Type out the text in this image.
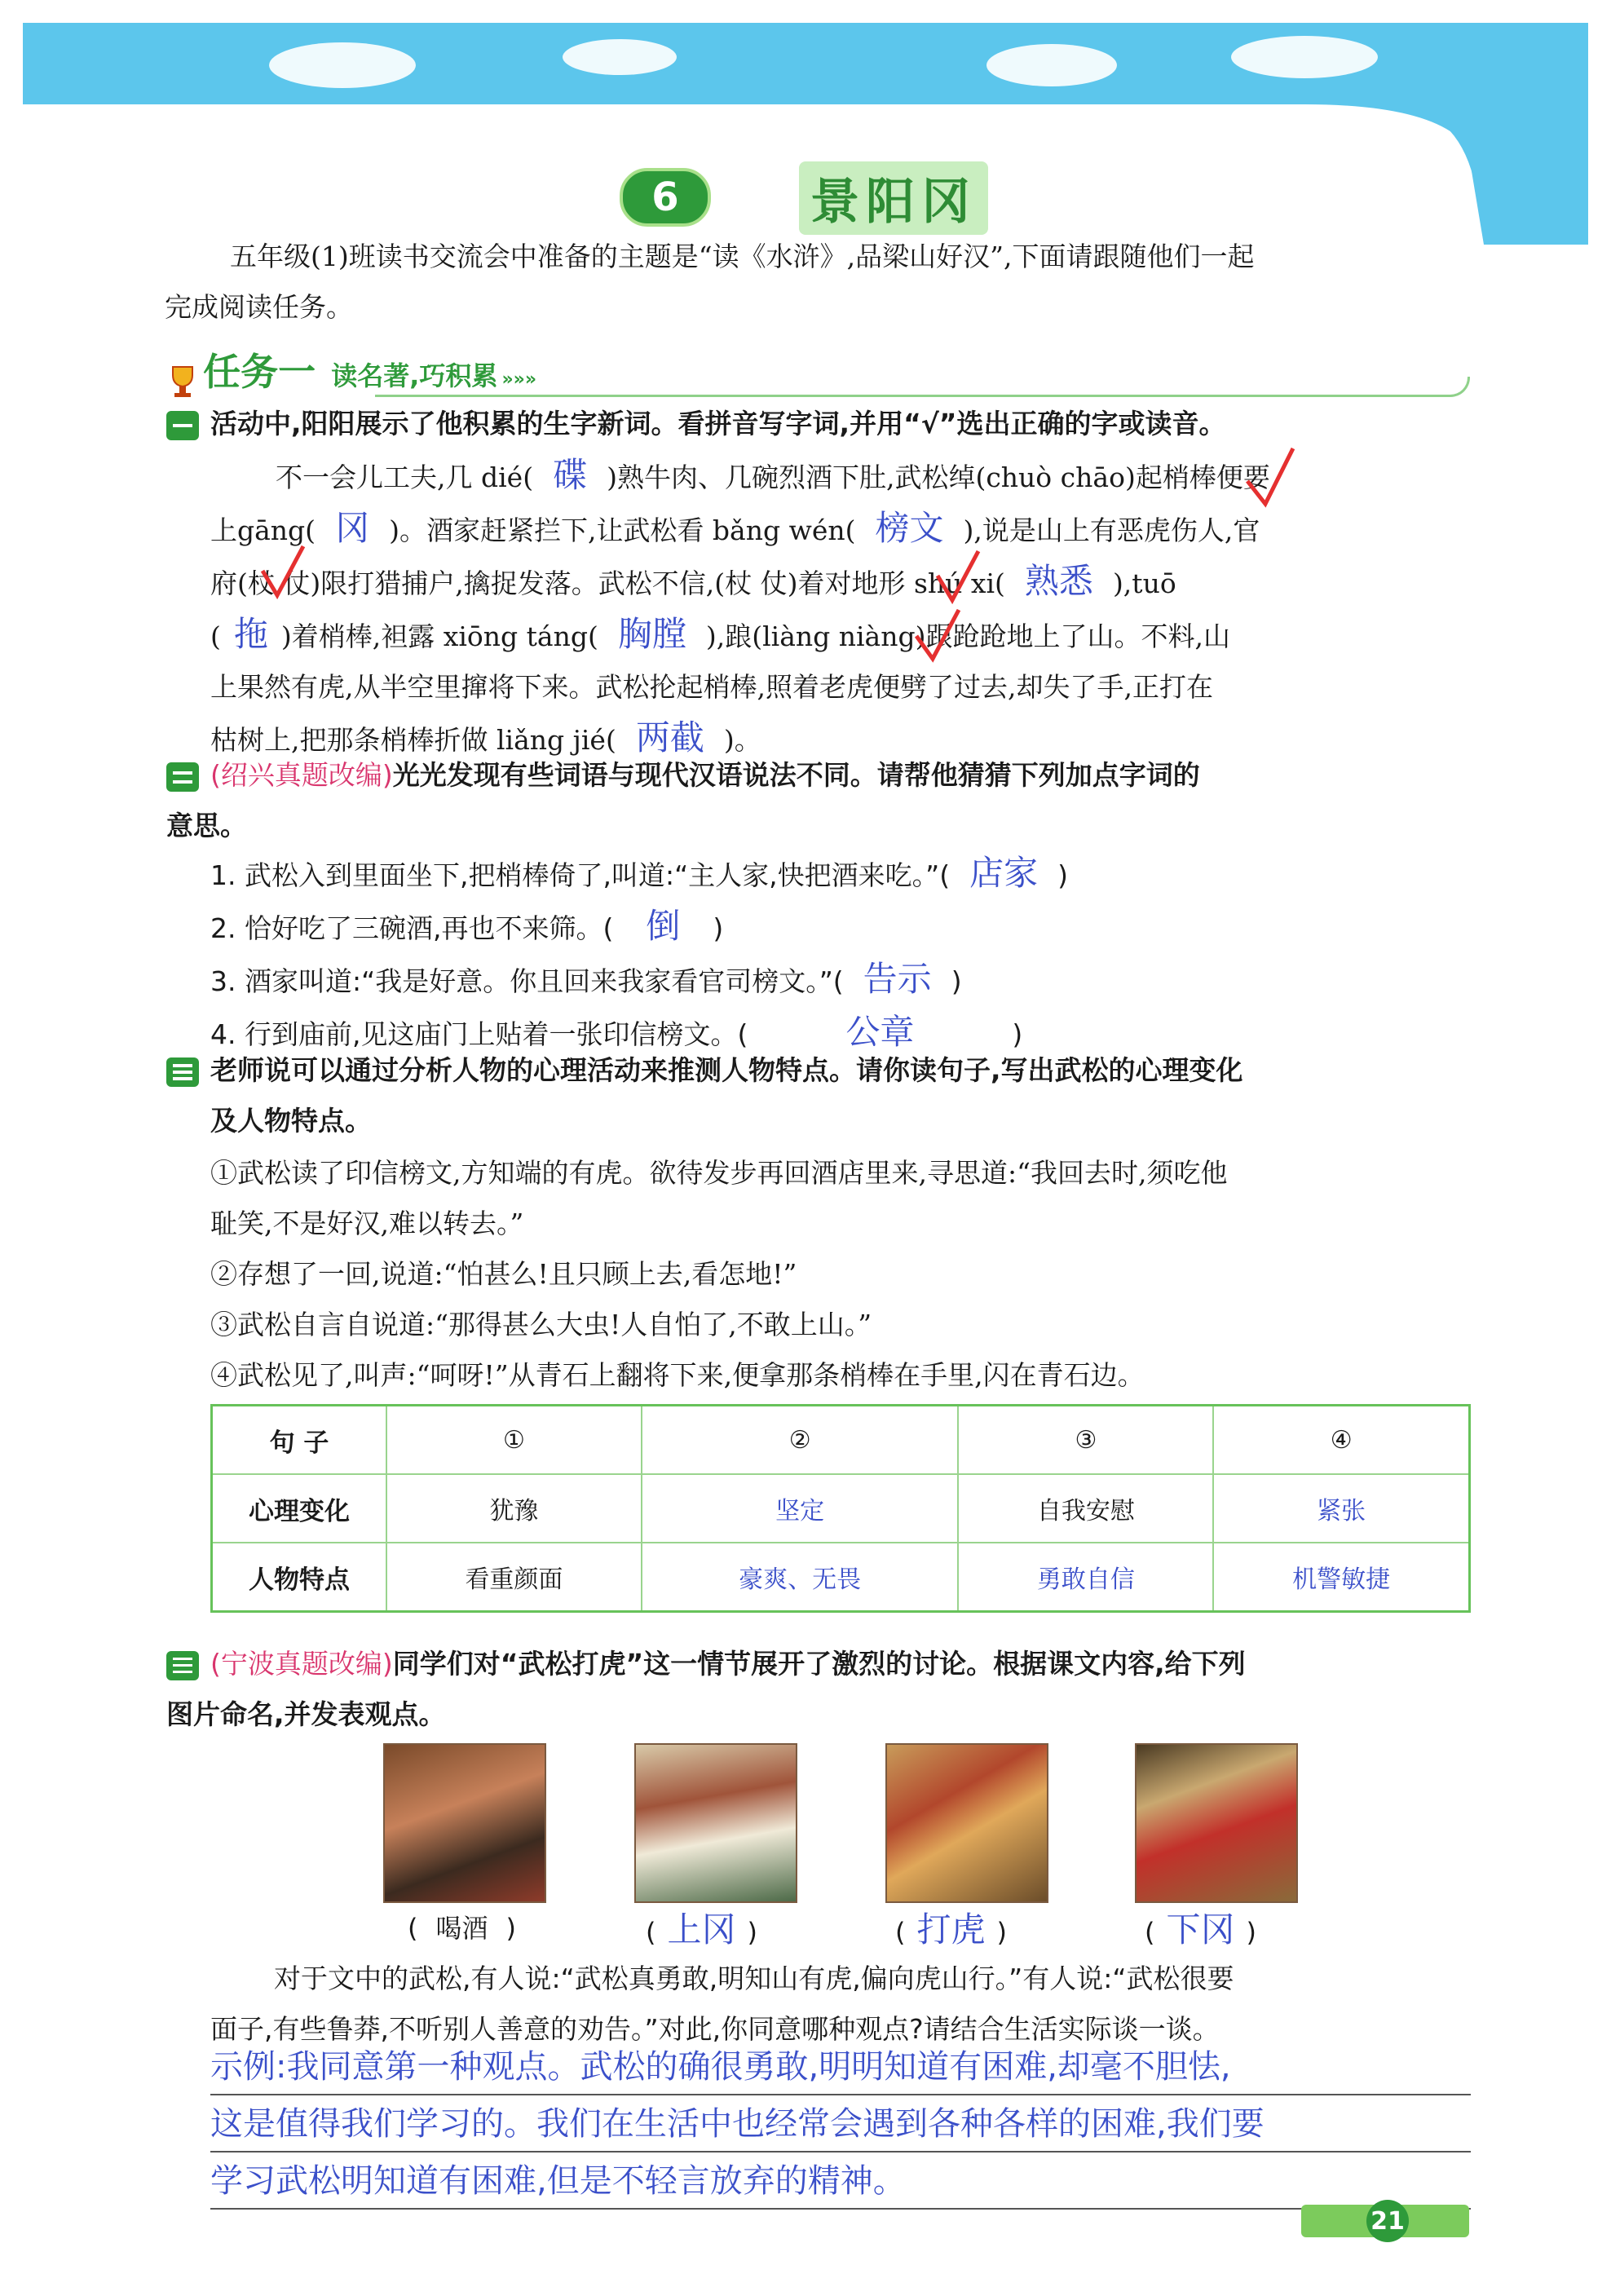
6	景阳冈
五年级(1)班读书交流会中准备的主题是“读《水浒》,品梁山好汉”,下面请跟随他们一起
完成阅读任务。
任务一 读名著,巧积累 »»»
活动中,阳阳展示了他积累的生字新词。看拼音写字词,并用“√”选出正确的字或读音。
不一会儿工夫,几 dié( 碟 )熟牛肉、几碗烈酒下肚,武松绰(chuò chāo)起梢棒便要
上gāng( 冈 )。酒家赶紧拦下,让武松看 bǎng wén( 榜文 ),说是山上有恶虎伤人,官
府(杖 仗)限打猎捕户,擒捉发落。武松不信,(杖 仗)着对地形 shú xi( 熟悉 ),tuō
( 拖 )着梢棒,袒露 xiōng táng( 胸膛 ),踉(liàng niàng)跟跄跄地上了山。不料,山
上果然有虎,从半空里撺将下来。武松抡起梢棒,照着老虎便劈了过去,却失了手,正打在
枯树上,把那条梢棒折做 liǎng jié( 两截 )。
(绍兴真题改编)光光发现有些词语与现代汉语说法不同。请帮他猜猜下列加点字词的
意思。
1. 武松入到里面坐下,把梢棒倚了,叫道:“主人家,快把酒来吃。”( 店家 )
2. 恰好吃了三碗酒,再也不来筛。( 倒 )
3. 酒家叫道:“我是好意。你且回来我家看官司榜文。”( 告示 )
4. 行到庙前,见这庙门上贴着一张印信榜文。(	公章	)
老师说可以通过分析人物的心理活动来推测人物特点。请你读句子,写出武松的心理变化
及人物特点。
①武松读了印信榜文,方知端的有虎。欲待发步再回酒店里来,寻思道:“我回去时,须吃他
耻笑,不是好汉,难以转去。”
②存想了一回,说道:“怕甚么!且只顾上去,看怎地!”
③武松自言自说道:“那得甚么大虫!人自怕了,不敢上山。”
④武松见了,叫声:“呵呀!”从青石上翻将下来,便拿那条梢棒在手里,闪在青石边。
句 子	①	②	③	④
心理变化	犹豫	坚定	自我安慰	紧张
人物特点	看重颜面	豪爽、无畏	勇敢自信	机警敏捷
(宁波真题改编)同学们对“武松打虎”这一情节展开了激烈的讨论。根据课文内容,给下列
图片命名,并发表观点。
( 喝酒 )	( 上冈 )	( 打虎 )	( 下冈 )
对于文中的武松,有人说:“武松真勇敢,明知山有虎,偏向虎山行。”有人说:“武松很要
面子,有些鲁莽,不听别人善意的劝告。”对此,你同意哪种观点?请结合生活实际谈一谈。
示例:我同意第一种观点。武松的确很勇敢,明明知道有困难,却毫不胆怯,
这是值得我们学习的。我们在生活中也经常会遇到各种各样的困难,我们要
学习武松明知道有困难,但是不轻言放弃的精神。
21
